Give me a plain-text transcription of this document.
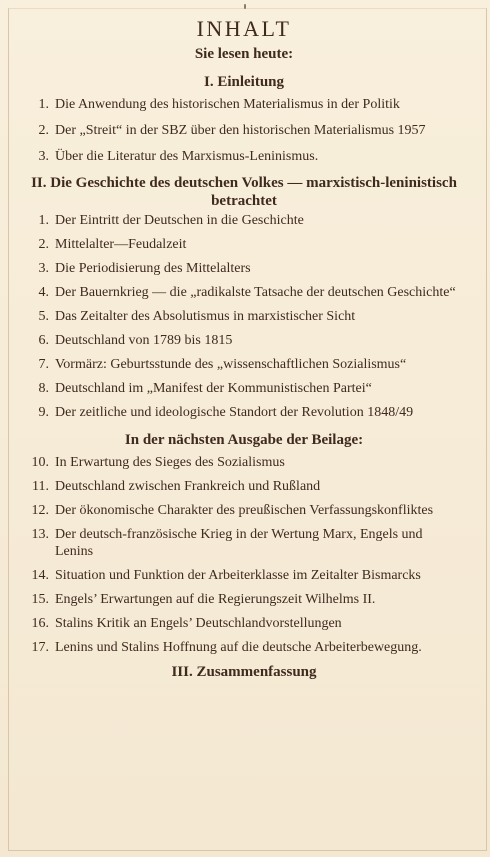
INHALT
Sie lesen heute:
I. Einleitung
1. Die Anwendung des historischen Materialismus in der Politik
2. Der „Streit“ in der SBZ über den historischen Materialismus 1957
3. Über die Literatur des Marxismus-Leninismus.
II. Die Geschichte des deutschen Volkes — marxistisch-leninistisch betrachtet
1. Der Eintritt der Deutschen in die Geschichte
2. Mittelalter—Feudalzeit
3. Die Periodisierung des Mittelalters
4. Der Bauernkrieg — die „radikalste Tatsache der deutschen Geschichte“
5. Das Zeitalter des Absolutismus in marxistischer Sicht
6. Deutschland von 1789 bis 1815
7. Vormärz: Geburtsstunde des „wissenschaftlichen Sozialismus“
8. Deutschland im „Manifest der Kommunistischen Partei“
9. Der zeitliche und ideologische Standort der Revolution 1848/49
In der nächsten Ausgabe der Beilage:
10. In Erwartung des Sieges des Sozialismus
11. Deutschland zwischen Frankreich und Rußland
12. Der ökonomische Charakter des preußischen Verfassungskonfliktes
13. Der deutsch-französische Krieg in der Wertung Marx, Engels und Lenins
14. Situation und Funktion der Arbeiterklasse im Zeitalter Bismarcks
15. Engels’ Erwartungen auf die Regierungszeit Wilhelms II.
16. Stalins Kritik an Engels’ Deutschlandvorstellungen
17. Lenins und Stalins Hoffnung auf die deutsche Arbeiterbewegung.
III. Zusammenfassung
